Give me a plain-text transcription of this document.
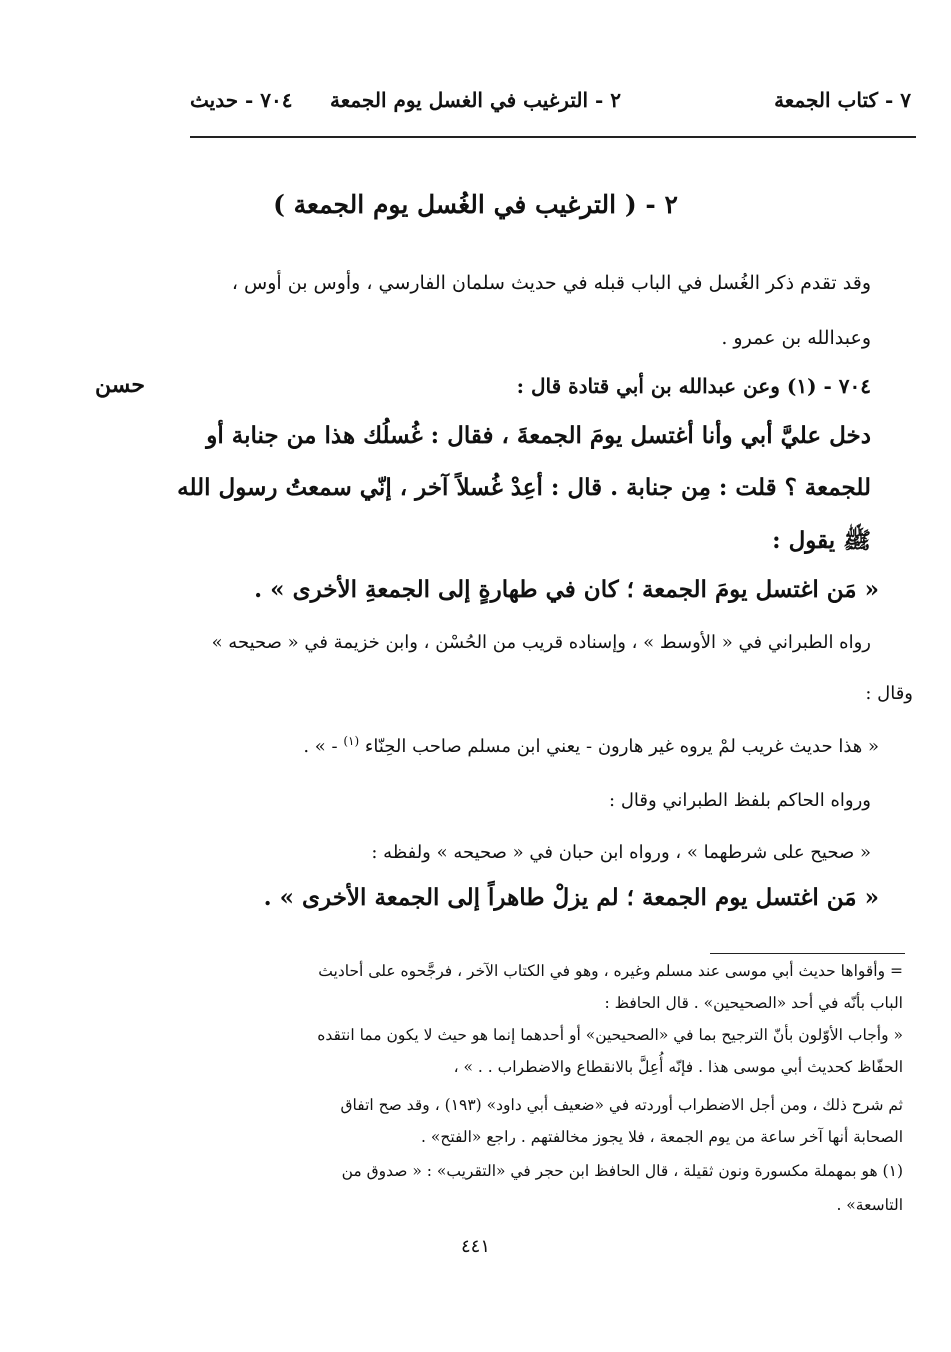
٧ - كتاب الجمعة
٢ - الترغيب في الغسل يوم الجمعة
٧٠٤ - حديث
٢ - ( الترغيب في الغُسل يوم الجمعة )
وقد تقدم ذكر الغُسل في الباب قبله في حديث سلمان الفارسي ، وأوس بن أوس ،
وعبدالله بن عمرو .
حسن	٧٠٤ - (١) وعن عبدالله بن أبي قتادة قال :
دخل عليَّ أبي وأنا أغتسل يومَ الجمعةَ ، فقال : غُسلُك هذا من جنابة أو
للجمعة ؟ قلت : مِن جنابة . قال : أعِدْ غُسلاً آخر ، إنّي سمعتُ رسول الله
ﷺ يقول :
« مَن اغتسل يومَ الجمعة ؛ كان في طهارةٍ إلى الجمعةِ الأخرى » .
رواه الطبراني في « الأوسط » ، وإسناده قريب من الحُسْن ، وابن خزيمة في « صحيحه »
وقال :
« هذا حديث غريب لمْ يروه غير هارون - يعني ابن مسلم صاحب الحِنّاء $^{(١)}$ - » .
ورواه الحاكم بلفظ الطبراني وقال :
« صحيح على شرطهما » ، ورواه ابن حبان في « صحيحه » ولفظه :
« مَن اغتسل يوم الجمعة ؛ لم يزلْ طاهراً إلى الجمعة الأخرى » .
= وأقواها حديث أبي موسى عند مسلم وغيره ، وهو في الكتاب الآخر ، فرجَّحوه على أحاديث
الباب بأنّه في أحد «الصحيحين» . قال الحافظ :
« وأجاب الأوّلون بأنّ الترجيح بما في «الصحيحين» أو أحدهما إنما هو حيث لا يكون مما انتقده
الحفّاظ كحديث أبي موسى هذا . فإنّه أُعِلَّ بالانقطاع والاضطراب . . » ،
ثم شرح ذلك ، ومن أجل الاضطراب أوردته في «ضعيف أبي داود» (١٩٣) ، وقد صح اتفاق
الصحابة أنها آخر ساعة من يوم الجمعة ، فلا يجوز مخالفتهم . راجع «الفتح» .
(١) هو بمهملة مكسورة ونون ثقيلة ، قال الحافظ ابن حجر في «التقريب» : « صدوق من
التاسعة» .
٤٤١
